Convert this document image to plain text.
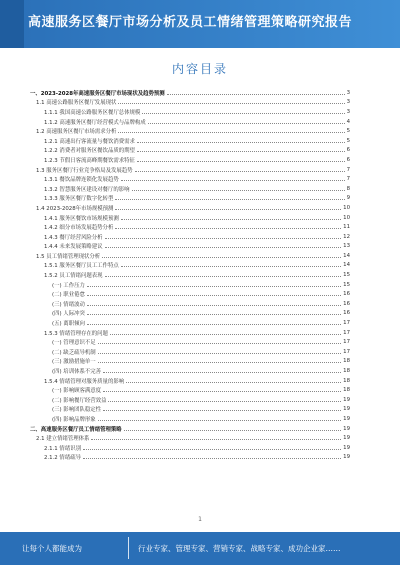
高速服务区餐厅市场分析及员工情绪管理策略研究报告
内容目录
一、2023-2028年高速服务区餐厅市场现状及趋势预测	3
1.1 高速公路服务区餐厅发展现状	3
1.1.1 我国高速公路服务区餐厅总体规模	3
1.1.2 高速服务区餐厅经营模式与品牌构成	4
1.2 高速服务区餐厅市场需求分析	5
1.2.1 高速出行客流量与餐饮消费需求	5
1.2.2 消费者对服务区餐饮品质的期望	6
1.2.3 节假日客流高峰期餐饮需求特征	6
1.3 服务区餐厅行业竞争格局及发展趋势	7
1.3.1 餐饮品牌连锁化发展趋势	7
1.3.2 智慧服务区建设对餐厅的影响	8
1.3.3 服务区餐厅数字化转型	9
1.4 2023-2028年市场规模预测	10
1.4.1 服务区餐饮市场规模预测	10
1.4.2 细分市场发展趋势分析	11
1.4.3 餐厅经营风险分析	12
1.4.4 未来发展策略建议	13
1.5 员工情绪管理现状分析	14
1.5.1 服务区餐厅员工工作特点	14
1.5.2 员工情绪问题表现	15
(一) 工作压力	15
(二) 职业倦怠	16
(三) 情绪波动	16
(四) 人际冲突	16
(五) 离职倾向	17
1.5.3 情绪管理存在的问题	17
(一) 管理意识不足	17
(二) 缺乏疏导机制	17
(三) 激励措施单一	18
(四) 培训体系不完善	18
1.5.4 情绪管理对服务质量的影响	18
(一) 影响顾客满意度	18
(二) 影响餐厅经营效益	19
(三) 影响团队稳定性	19
(四) 影响品牌形象	19
二、高速服务区餐厅员工情绪管理策略	19
2.1 建立情绪管理体系	19
2.1.1 情绪识别	19
2.1.2 情绪疏导	19
1
让每个人都能成为	行业专家、管理专家、营销专家、战略专家、成功企业家……
